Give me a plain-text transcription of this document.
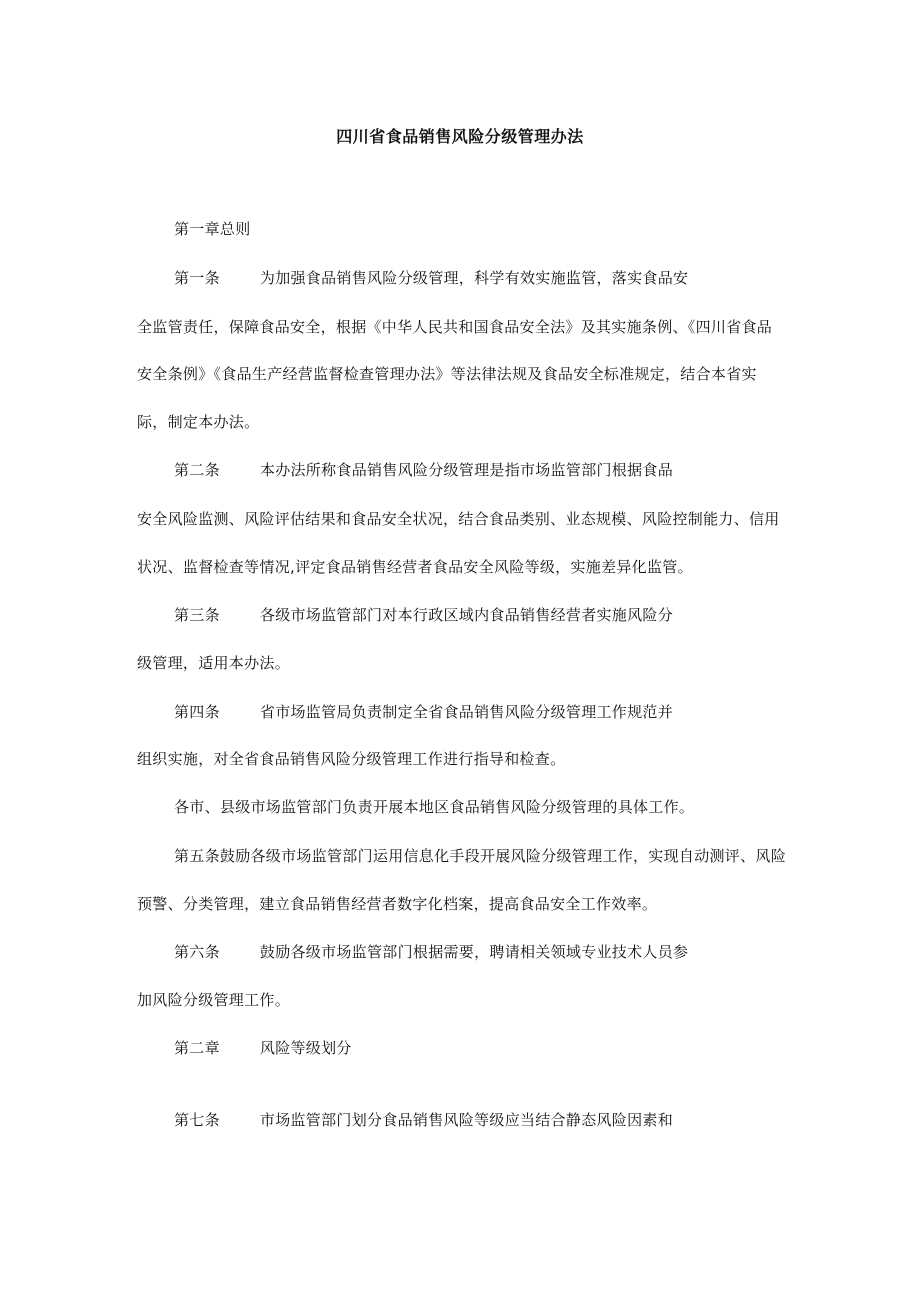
四川省食品销售风险分级管理办法
第一章总则
第一条	为加强食品销售风险分级管理，科学有效实施监管，落实食品安
全监管责任，保障食品安全，根据《中华人民共和国食品安全法》及其实施条例、《四川省食品
安全条例》《食品生产经营监督检查管理办法》等法律法规及食品安全标准规定，结合本省实
际，制定本办法。
第二条	本办法所称食品销售风险分级管理是指市场监管部门根据食品
安全风险监测、风险评估结果和食品安全状况，结合食品类别、业态规模、风险控制能力、信用
状况、监督检查等情况,评定食品销售经营者食品安全风险等级，实施差异化监管。
第三条	各级市场监管部门对本行政区域内食品销售经营者实施风险分
级管理，适用本办法。
第四条	省市场监管局负责制定全省食品销售风险分级管理工作规范并
组织实施，对全省食品销售风险分级管理工作进行指导和检查。
各市、县级市场监管部门负责开展本地区食品销售风险分级管理的具体工作。
第五条鼓励各级市场监管部门运用信息化手段开展风险分级管理工作，实现自动测评、风险
预警、分类管理，建立食品销售经营者数字化档案，提高食品安全工作效率。
第六条	鼓励各级市场监管部门根据需要，聘请相关领域专业技术人员参
加风险分级管理工作。
第二章	风险等级划分
第七条	市场监管部门划分食品销售风险等级应当结合静态风险因素和
